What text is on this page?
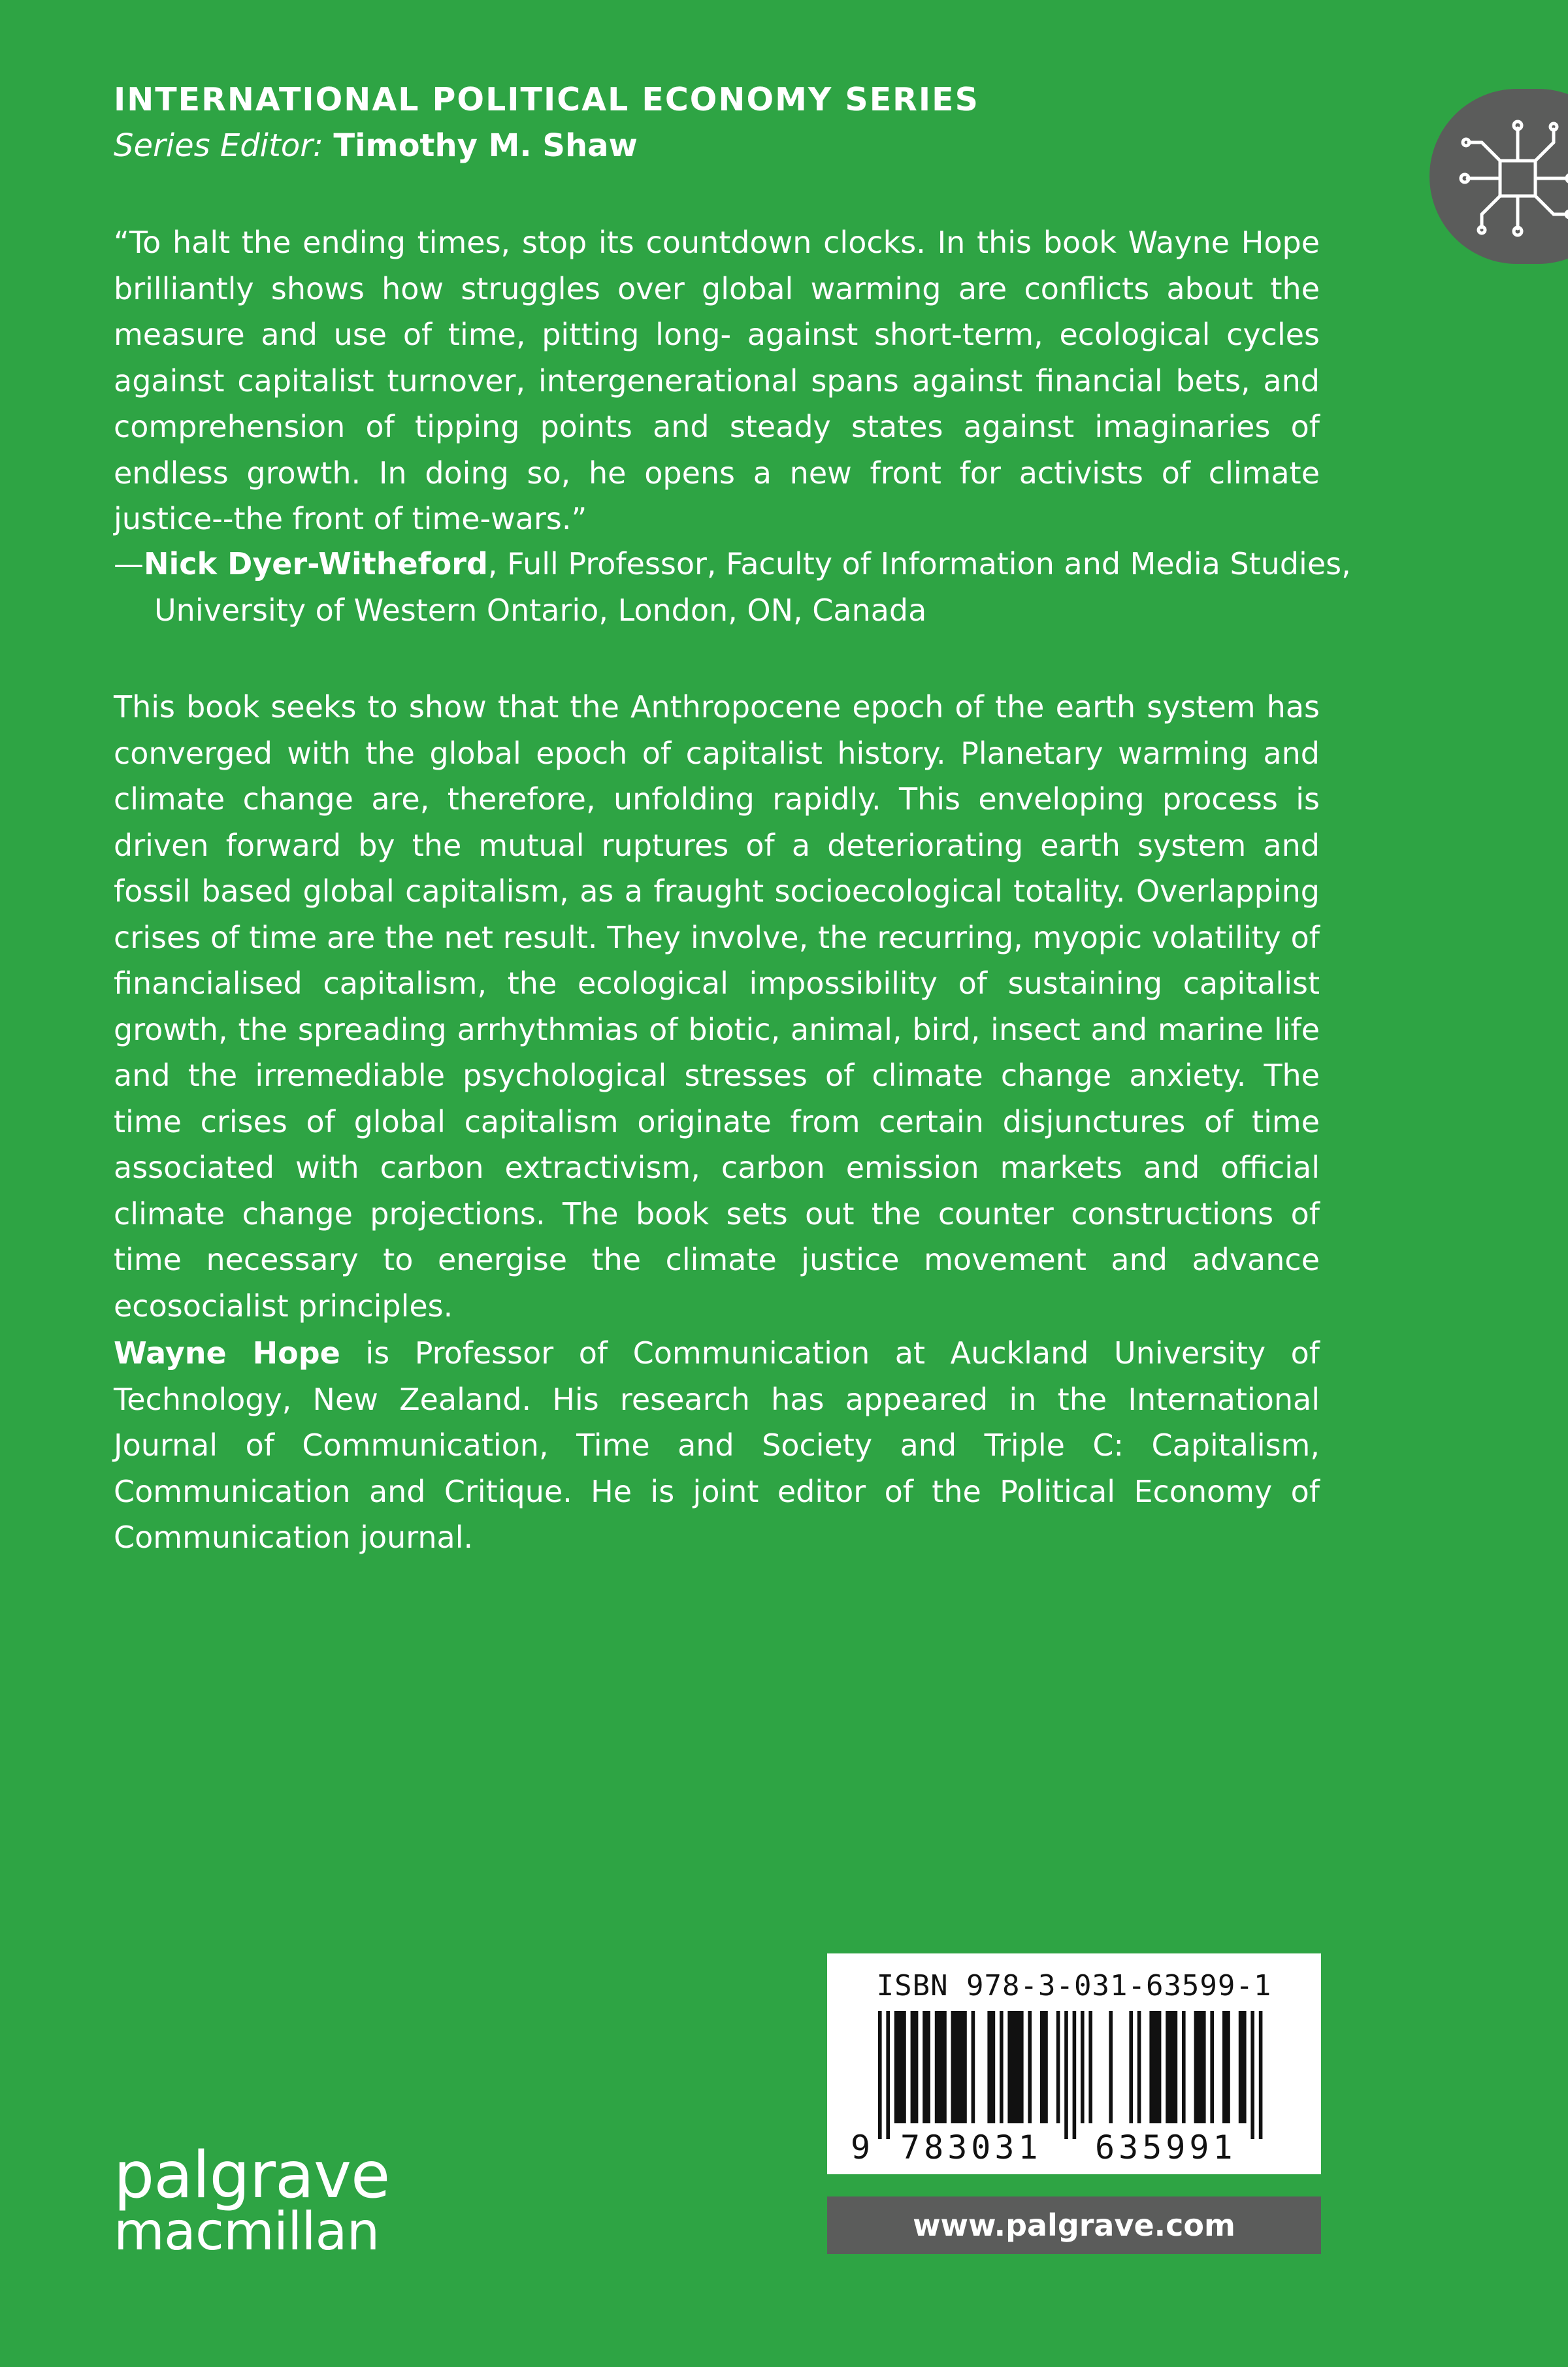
INTERNATIONAL POLITICAL ECONOMY SERIES

Series Editor: Timothy M. Shaw

“To halt the ending times, stop its countdown clocks. In this book Wayne Hope brilliantly shows how struggles over global warming are conflicts about the measure and use of time, pitting long- against short-term, ecological cycles against capitalist turnover, intergenerational spans against financial bets, and comprehension of tipping points and steady states against imaginaries of endless growth. In doing so, he opens a new front for activists of climate justice--the front of time-wars.”

—Nick Dyer-Witheford, Full Professor, Faculty of Information and Media Studies, University of Western Ontario, London, ON, Canada

This book seeks to show that the Anthropocene epoch of the earth system has converged with the global epoch of capitalist history. Planetary warming and climate change are, therefore, unfolding rapidly. This enveloping process is driven forward by the mutual ruptures of a deteriorating earth system and fossil based global capitalism, as a fraught socioecological totality. Overlapping crises of time are the net result. They involve, the recurring, myopic volatility of financialised capitalism, the ecological impossibility of sustaining capitalist growth, the spreading arrhythmias of biotic, animal, bird, insect and marine life and the irremediable psychological stresses of climate change anxiety. The time crises of global capitalism originate from certain disjunctures of time associated with carbon extractivism, carbon emission markets and official climate change projections. The book sets out the counter constructions of time necessary to energise the climate justice movement and advance ecosocialist principles.

Wayne Hope is Professor of Communication at Auckland University of Technology, New Zealand. His research has appeared in the International Journal of Communication, Time and Society and Triple C: Capitalism, Communication and Critique. He is joint editor of the Political Economy of Communication journal.

palgrave
macmillan

ISBN 978-3-031-63599-1

9 783031 635991
www.palgrave.com
